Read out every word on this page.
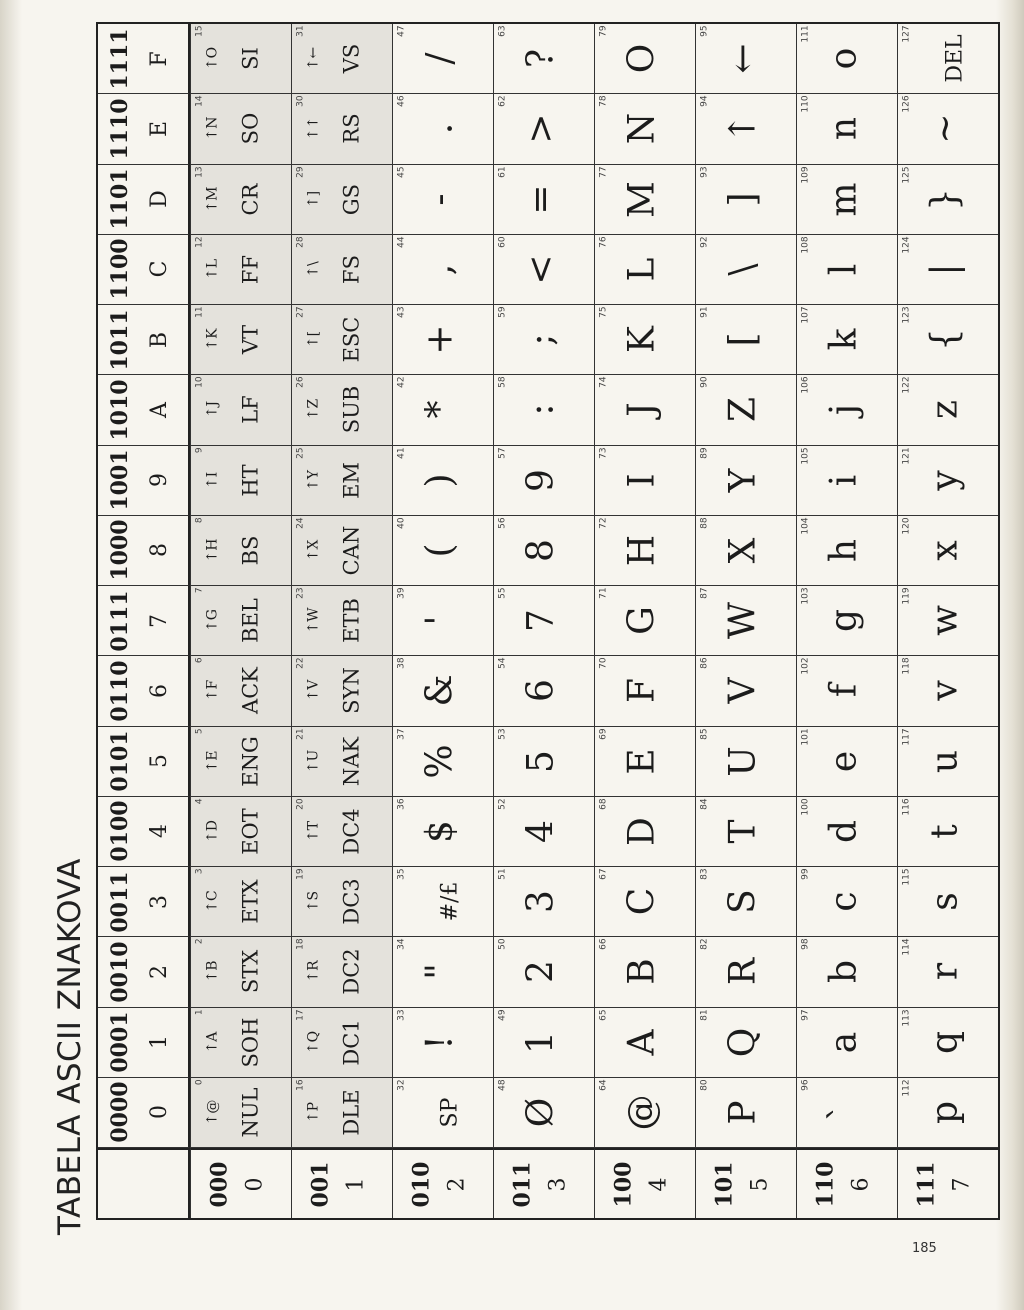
TABELA ASCII ZNAKOVA 0000 0
0001 1
0010 2
0011 3
0100 4
0101 5
0110 6
0111 7
1000 8
1001 9
1010 A
1011 B
1100 C
1101 D
1110 E
1111 F
000 0 001 1 010 2 011 3 100 4 101 5 110 6 111 7
0
↑@ NUL
1
↑A SOH
2
↑B STX
3
↑C ETX
4
↑D EOT
5
↑E ENG
6
↑F ACK
7
↑G BEL
8
↑H BS
9
↑I HT
10
↑J LF
11
↑K VT
12
↑L FF
13
↑M CR
14
↑N SO
15
↑O SI
16
↑P DLE
17
↑Q DC1
18
↑R DC2
19
↑S DC3
20
↑T DC4
21
↑U NAK
22
↑V SYN
23
↑W ETB
24
↑X CAN
25
↑Y EM
26
↑Z SUB
27
↑[ ESC
28
↑\ FS
29
↑] GS
30
↑↑ RS
31
↑← VS
32
SP
33
!
34
"
35
#/£
36
$
37
%
38
&
39
'
40
(
41
)
42
*
43
+
44
,
45
-
46
.
47
/
48
Ø
49
1
50
2
51
3
52
4
53
5
54
6
55
7
56
8
57
9
58
:
59
;
60
<
61
=
62
>
63
?
64
@
65
A
66
B
67
C
68
D
69
E
70
F
71
G
72
H
73
I
74
J
75
K
76
L
77
M
78
N
79
O
80
P
81
Q
82
R
83
S
84
T
85
U
86
V
87
W
88
X
89
Y
90
Z
91
[
92
\
93
]
94
↑
95
←
96
`
97
a
98
b
99
c
100
d
101
e
102
f
103
g
104
h
105
i
106
j
107
k
108
l
109
m
110
n
111
o
112
p
113
q
114
r
115
s
116
t
117
u
118
v
119
w
120
x
121
y
122
z
123
{
124
|
125
}
126
~
127
DEL
185
